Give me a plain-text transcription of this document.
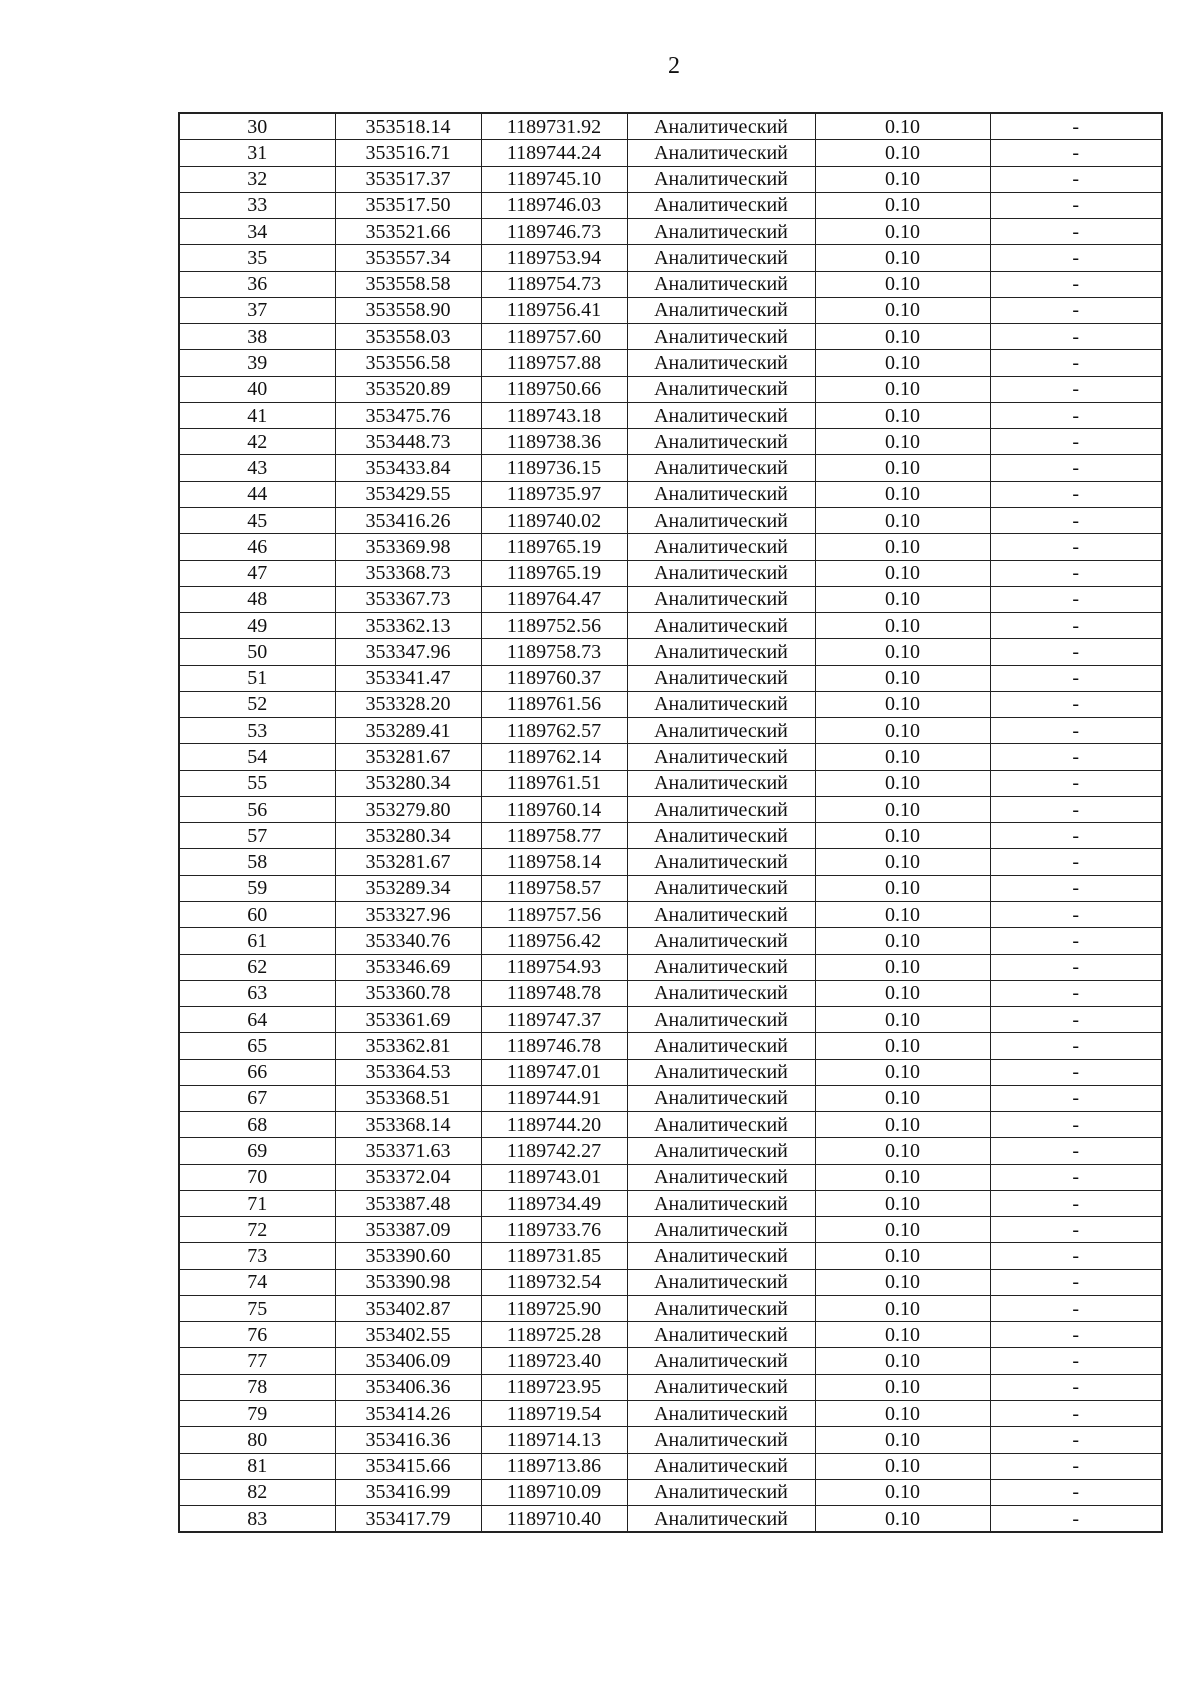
2
30	353518.14	1189731.92	Аналитический	0.10	-
31	353516.71	1189744.24	Аналитический	0.10	-
32	353517.37	1189745.10	Аналитический	0.10	-
33	353517.50	1189746.03	Аналитический	0.10	-
34	353521.66	1189746.73	Аналитический	0.10	-
35	353557.34	1189753.94	Аналитический	0.10	-
36	353558.58	1189754.73	Аналитический	0.10	-
37	353558.90	1189756.41	Аналитический	0.10	-
38	353558.03	1189757.60	Аналитический	0.10	-
39	353556.58	1189757.88	Аналитический	0.10	-
40	353520.89	1189750.66	Аналитический	0.10	-
41	353475.76	1189743.18	Аналитический	0.10	-
42	353448.73	1189738.36	Аналитический	0.10	-
43	353433.84	1189736.15	Аналитический	0.10	-
44	353429.55	1189735.97	Аналитический	0.10	-
45	353416.26	1189740.02	Аналитический	0.10	-
46	353369.98	1189765.19	Аналитический	0.10	-
47	353368.73	1189765.19	Аналитический	0.10	-
48	353367.73	1189764.47	Аналитический	0.10	-
49	353362.13	1189752.56	Аналитический	0.10	-
50	353347.96	1189758.73	Аналитический	0.10	-
51	353341.47	1189760.37	Аналитический	0.10	-
52	353328.20	1189761.56	Аналитический	0.10	-
53	353289.41	1189762.57	Аналитический	0.10	-
54	353281.67	1189762.14	Аналитический	0.10	-
55	353280.34	1189761.51	Аналитический	0.10	-
56	353279.80	1189760.14	Аналитический	0.10	-
57	353280.34	1189758.77	Аналитический	0.10	-
58	353281.67	1189758.14	Аналитический	0.10	-
59	353289.34	1189758.57	Аналитический	0.10	-
60	353327.96	1189757.56	Аналитический	0.10	-
61	353340.76	1189756.42	Аналитический	0.10	-
62	353346.69	1189754.93	Аналитический	0.10	-
63	353360.78	1189748.78	Аналитический	0.10	-
64	353361.69	1189747.37	Аналитический	0.10	-
65	353362.81	1189746.78	Аналитический	0.10	-
66	353364.53	1189747.01	Аналитический	0.10	-
67	353368.51	1189744.91	Аналитический	0.10	-
68	353368.14	1189744.20	Аналитический	0.10	-
69	353371.63	1189742.27	Аналитический	0.10	-
70	353372.04	1189743.01	Аналитический	0.10	-
71	353387.48	1189734.49	Аналитический	0.10	-
72	353387.09	1189733.76	Аналитический	0.10	-
73	353390.60	1189731.85	Аналитический	0.10	-
74	353390.98	1189732.54	Аналитический	0.10	-
75	353402.87	1189725.90	Аналитический	0.10	-
76	353402.55	1189725.28	Аналитический	0.10	-
77	353406.09	1189723.40	Аналитический	0.10	-
78	353406.36	1189723.95	Аналитический	0.10	-
79	353414.26	1189719.54	Аналитический	0.10	-
80	353416.36	1189714.13	Аналитический	0.10	-
81	353415.66	1189713.86	Аналитический	0.10	-
82	353416.99	1189710.09	Аналитический	0.10	-
83	353417.79	1189710.40	Аналитический	0.10	-
